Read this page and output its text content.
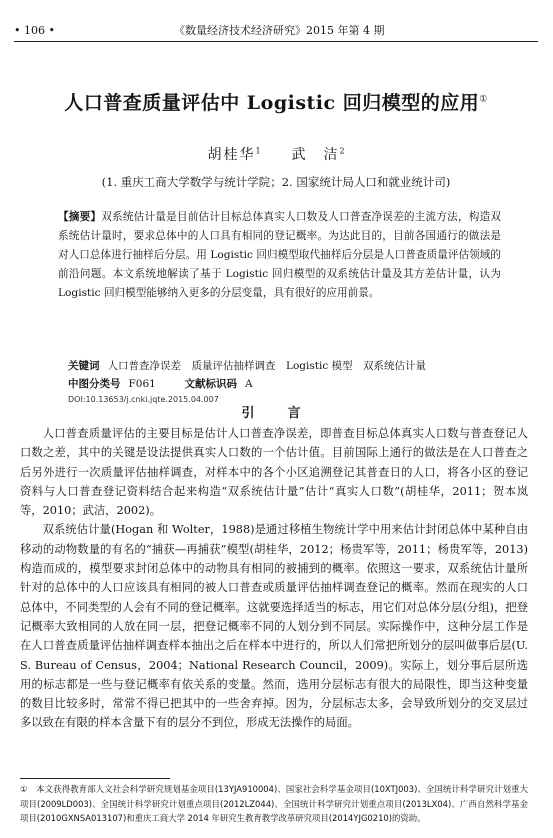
• 106 •	《数量经济技术经济研究》2015 年第 4 期
人口普查质量评估中 Logistic 回归模型的应用①
胡桂华$^1$ 武　洁$^2$
(1. 重庆工商大学数学与统计学院；2. 国家统计局人口和就业统计司)
【摘要】双系统估计量是目前估计目标总体真实人口数及人口普查净误差的主流方法，构造双系统估计量时，要求总体中的人口具有相同的登记概率。为达此目的，目前各国通行的做法是对人口总体进行抽样后分层。用 Logistic 回归模型取代抽样后分层是人口普查质量评估领域的前沿问题。本文系统地解读了基于 Logistic 回归模型的双系统估计量及其方差估计量，认为 Logistic 回归模型能够纳入更多的分层变量，具有很好的应用前景。
关键词 人口普查净误差　质量评估抽样调查　Logistic 模型　双系统估计量
中图分类号 F061	文献标识码 A
DOI:10.13653/j.cnki.jqte.2015.04.007
引　言

人口普查质量评估的主要目标是估计人口普查净误差，即普查目标总体真实人口数与普查登记人口数之差，其中的关键是设法提供真实人口数的一个估计值。目前国际上通行的做法是在人口普查之后另外进行一次质量评估抽样调查，对样本中的各个小区追溯登记其普查日的人口，将各小区的登记资料与人口普查登记资料结合起来构造“双系统估计量”估计“真实人口数”(胡桂华，2011；贺本岚等，2010；武洁，2002)。

双系统估计量(Hogan 和 Wolter，1988)是通过移植生物统计学中用来估计封闭总体中某种自由移动的动物数量的有名的“捕获—再捕获”模型(胡桂华，2012；杨贵军等，2011；杨贵军等，2013)构造而成的，模型要求封闭总体中的动物具有相同的被捕到的概率。依照这一要求，双系统估计量所针对的总体中的人口应该具有相同的被人口普查或质量评估抽样调查登记的概率。然而在现实的人口总体中，不同类型的人会有不同的登记概率。这就要选择适当的标志，用它们对总体分层(分组)，把登记概率大致相同的人放在同一层，把登记概率不同的人划分到不同层。实际操作中，这种分层工作是在人口普查质量评估抽样调查样本抽出之后在样本中进行的，所以人们常把所划分的层叫做事后层(U. S. Bureau of Census，2004；National Research Council，2009)。实际上，划分事后层所选用的标志都是一些与登记概率有依关系的变量。然而，选用分层标志有很大的局限性，即当这种变量的数目比较多时，常常不得已把其中的一些舍弃掉。因为，分层标志太多，会导致所划分的交叉层过多以致在有限的样本含量下有的层分不到位，形成无法操作的局面。

①　本文获得教育部人文社会科学研究规划基金项目(13YJA910004)、国家社会科学基金项目(10XTJ003)、全国统计科学研究计划重大项目(2009LD003)、全国统计科学研究计划重点项目(2012LZ044)、全国统计科学研究计划重点项目(2013LX04)、广西自然科学基金项目(2010GXNSA013107)和重庆工商大学 2014 年研究生教育教学改革研究项目(2014YJG0210)的资助。
